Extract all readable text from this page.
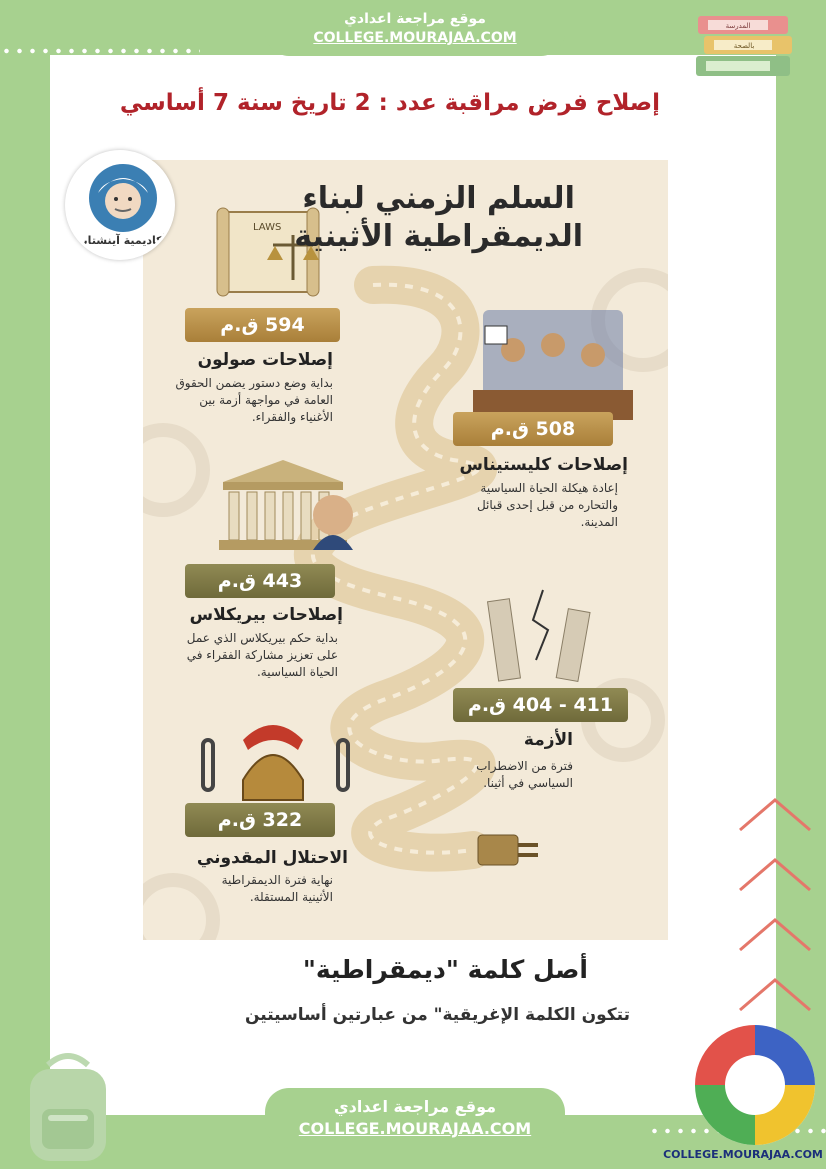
موقع مراجعة اعدادي
COLLEGE.MOURAJAA.COM
المدرسة
بالصحة
إصلاح فرض مراقبة عدد : 2 تاريخ سنة 7 أساسي
LAWS
السلم الزمني لبناء
الديمقراطية الأثينية
594 ق.م
إصلاحات صولون
بداية وضع دستور يضمن الحقوق
العامة في مواجهة أزمة بين
الأغنياء والفقراء.
508 ق.م
إصلاحات كليستيناس
إعادة هيكلة الحياة السياسية
والتحاره من قبل إحدى قبائل
المدينة.
443 ق.م
إصلاحات بيريكلاس
بداية حكم بيريكلاس الذي عمل
على تعزيز مشاركة الفقراء في
الحياة السياسية.
411 - 404 ق.م
الأزمة
فترة من الاضطراب
السياسي في أثينا.
322 ق.م
الاحتلال المقدوني
نهاية فترة الديمقراطية
الأثينية المستقلة.
أصل كلمة "ديمقراطية"
تتكون الكلمة الإغريقية" من عبارتين أساسيتين
أكاديمية آينشتاين
موقع مراجعة اعدادي
COLLEGE.MOURAJAA.COM
COLLEGE.MOURAJAA.COM
